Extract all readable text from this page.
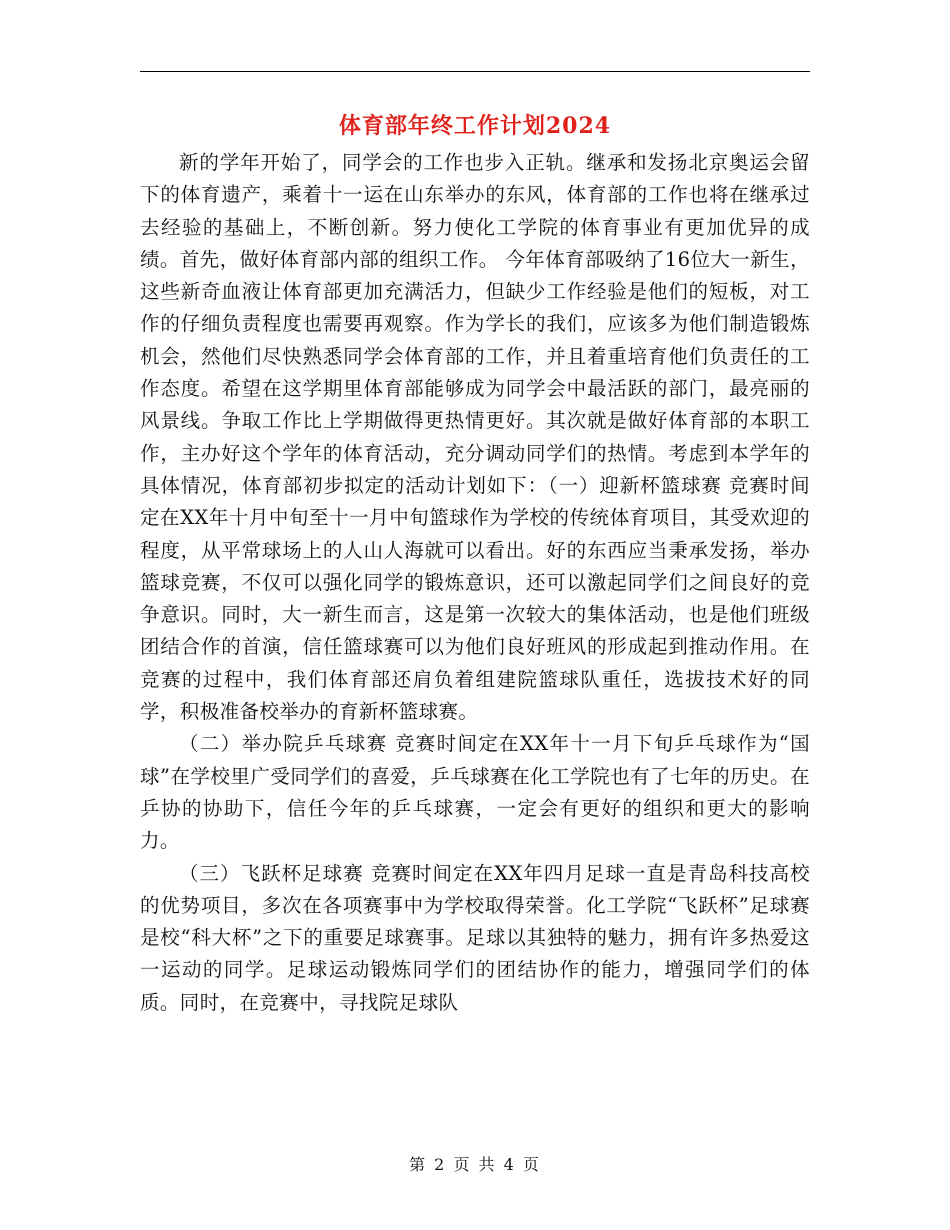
体育部年终工作计划2024

新的学年开始了，同学会的工作也步入正轨。继承和发扬北京奥运会留下的体育遗产，乘着十一运在山东举办的东风，体育部的工作也将在继承过去经验的基础上，不断创新。努力使化工学院的体育事业有更加优异的成绩。首先，做好体育部内部的组织工作。 今年体育部吸纳了16位大一新生，这些新奇血液让体育部更加充满活力，但缺少工作经验是他们的短板，对工作的仔细负责程度也需要再观察。作为学长的我们，应该多为他们制造锻炼机会，然他们尽快熟悉同学会体育部的工作，并且着重培育他们负责任的工作态度。希望在这学期里体育部能够成为同学会中最活跃的部门，最亮丽的风景线。争取工作比上学期做得更热情更好。其次就是做好体育部的本职工作，主办好这个学年的体育活动，充分调动同学们的热情。考虑到本学年的具体情况，体育部初步拟定的活动计划如下：（一）迎新杯篮球赛 竞赛时间定在XX年十月中旬至十一月中旬篮球作为学校的传统体育项目，其受欢迎的程度，从平常球场上的人山人海就可以看出。好的东西应当秉承发扬，举办篮球竞赛，不仅可以强化同学的锻炼意识，还可以激起同学们之间良好的竞争意识。同时，大一新生而言，这是第一次较大的集体活动，也是他们班级团结合作的首演，信任篮球赛可以为他们良好班风的形成起到推动作用。在竞赛的过程中，我们体育部还肩负着组建院篮球队重任，选拔技术好的同学，积极准备校举办的育新杯篮球赛。

（二）举办院乒乓球赛 竞赛时间定在XX年十一月下旬乒乓球作为“国球”在学校里广受同学们的喜爱，乒乓球赛在化工学院也有了七年的历史。在乒协的协助下，信任今年的乒乓球赛，一定会有更好的组织和更大的影响力。

（三）飞跃杯足球赛 竞赛时间定在XX年四月足球一直是青岛科技高校的优势项目，多次在各项赛事中为学校取得荣誉。化工学院“飞跃杯”足球赛是校“科大杯”之下的重要足球赛事。足球以其独特的魅力，拥有许多热爱这一运动的同学。足球运动锻炼同学们的团结协作的能力，增强同学们的体质。同时，在竞赛中，寻找院足球队

第 2 页 共 4 页
